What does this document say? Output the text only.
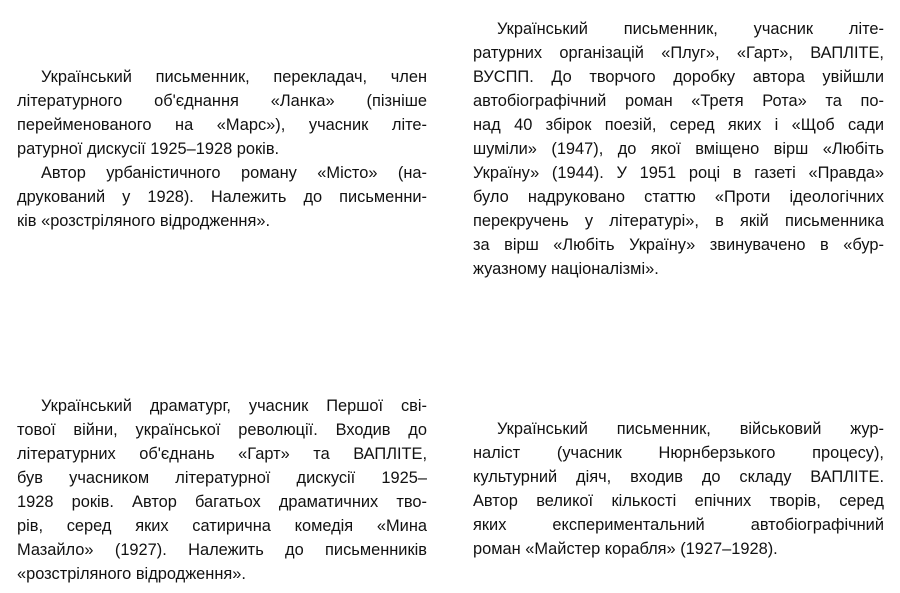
Український письменник, перекладач, член
літературного об'єднання «Ланка» (пізніше
перейменованого на «Марс»), учасник літе-
ратурної дискусії 1925–1928 років.
Автор урбаністичного роману «Місто» (на-
друкований у 1928). Належить до письменни-
ків «розстріляного відродження».
Український письменник, учасник літе-
ратурних організацій «Плуг», «Гарт», ВАПЛІТЕ,
ВУСПП. До творчого доробку автора увійшли
автобіографічний роман «Третя Рота» та по-
над 40 збірок поезій, серед яких і «Щоб сади
шуміли» (1947), до якої вміщено вірш «Любіть
Україну» (1944). У 1951 році в газеті «Правда»
було надруковано статтю «Проти ідеологічних
перекручень у літературі», в якій письменника
за вірш «Любіть Україну» звинувачено в «бур-
жуазному націоналізмі».
Український драматург, учасник Першої сві-
тової війни, української революції. Входив до
літературних об'єднань «Гарт» та ВАПЛІТЕ,
був учасником літературної дискусії 1925–
1928 років. Автор багатьох драматичних тво-
рів, серед яких сатирична комедія «Мина
Мазайло» (1927). Належить до письменників
«розстріляного відродження».
Український письменник, військовий жур-
наліст (учасник Нюрнберзького процесу),
культурний діяч, входив до складу ВАПЛІТЕ.
Автор великої кількості епічних творів, серед
яких експериментальний автобіографічний
роман «Майстер корабля» (1927–1928).
